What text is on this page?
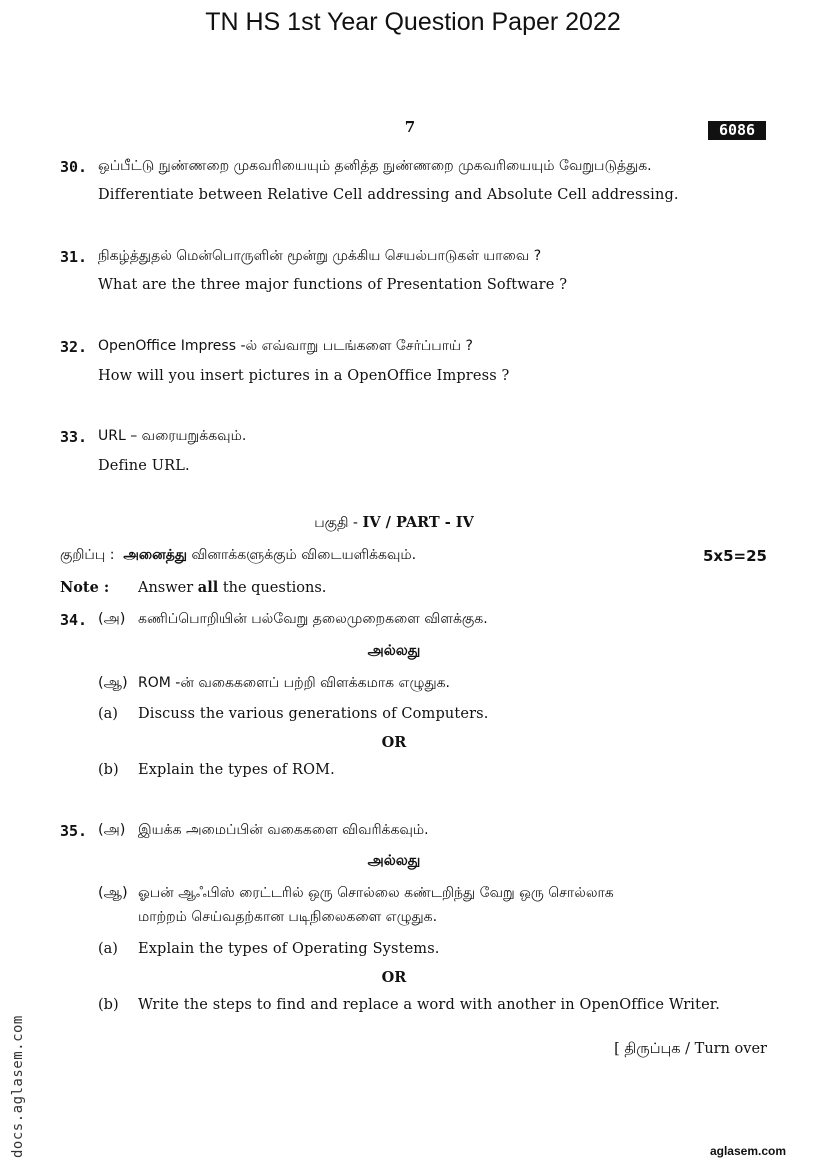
TN HS 1st Year Question Paper 2022
7	6086
30. ஒப்பீட்டு நுண்ணறை முகவரியையும் தனித்த நுண்ணறை முகவரியையும் வேறுபடுத்துக.
Differentiate between Relative Cell addressing and Absolute Cell addressing.
31. நிகழ்த்துதல் மென்பொருளின் மூன்று முக்கிய செயல்பாடுகள் யாவை ?
What are the three major functions of Presentation Software ?
32. OpenOffice Impress -ல் எவ்வாறு படங்களை சேர்ப்பாய் ?
How will you insert pictures in a OpenOffice Impress ?
33. URL – வரையறுக்கவும்.
Define URL.
பகுதி - IV / PART - IV
குறிப்பு : அனைத்து வினாக்களுக்கும் விடையளிக்கவும்.	5x5=25
Note : Answer all the questions.
34. (அ) கணிப்பொறியின் பல்வேறு தலைமுறைகளை விளக்குக.
அல்லது
(ஆ) ROM -ன் வகைகளைப் பற்றி விளக்கமாக எழுதுக.
(a) Discuss the various generations of Computers.
OR
(b) Explain the types of ROM.
35. (அ) இயக்க அமைப்பின் வகைகளை விவரிக்கவும்.
அல்லது
(ஆ) ஓபன் ஆஃபிஸ் ரைட்டரில் ஒரு சொல்லை கண்டறிந்து வேறு ஒரு சொல்லாக
மாற்றம் செய்வதற்கான படிநிலைகளை எழுதுக.
(a) Explain the types of Operating Systems.
OR
(b) Write the steps to find and replace a word with another in OpenOffice Writer.
[ திருப்புக / Turn over
docs.aglasem.com	aglasem.com
